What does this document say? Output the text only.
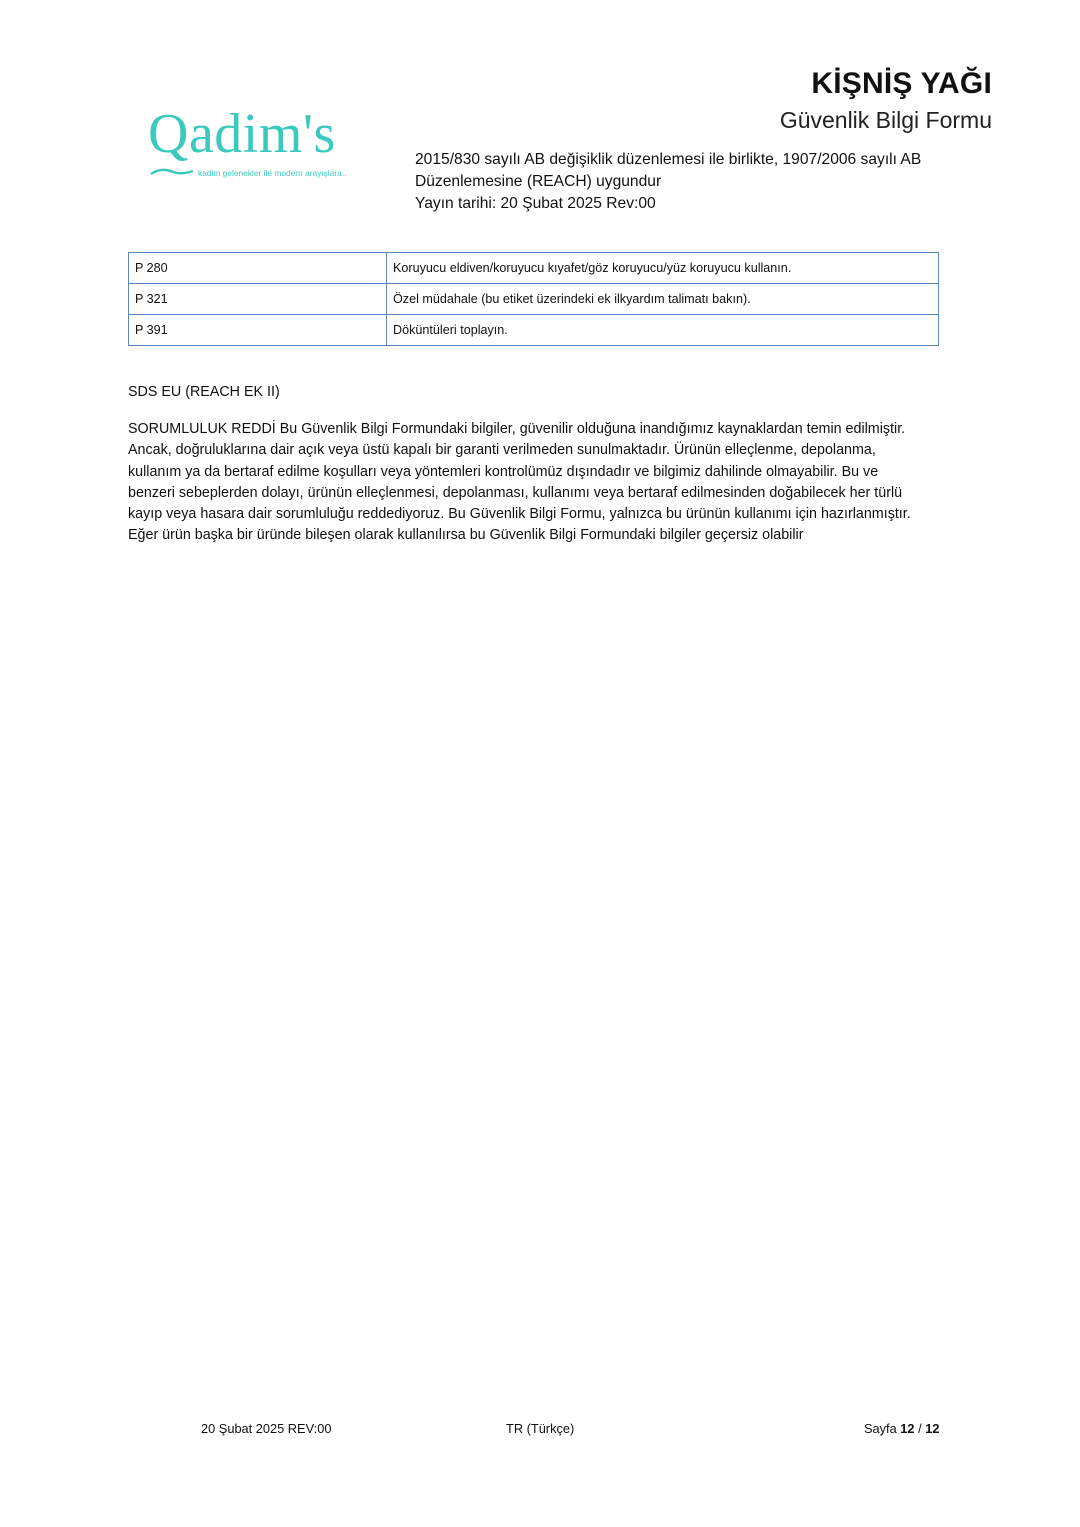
Qadim's
kadim gelenekler ile modern arayışlara..
KİŞNİŞ YAĞI
Güvenlik Bilgi Formu
2015/830 sayılı AB değişiklik düzenlemesi ile birlikte, 1907/2006 sayılı AB
Düzenlemesine (REACH) uygundur
Yayın tarihi: 20 Şubat 2025 Rev:00
P 280	Koruyucu eldiven/koruyucu kıyafet/göz koruyucu/yüz koruyucu kullanın.
P 321	Özel müdahale (bu etiket üzerindeki ek ilkyardım talimatı bakın).
P 391	Döküntüleri toplayın.
SDS EU (REACH EK II)
SORUMLULUK REDDİ Bu Güvenlik Bilgi Formundaki bilgiler, güvenilir olduğuna inandığımız kaynaklardan temin edilmiştir.
Ancak, doğruluklarına dair açık veya üstü kapalı bir garanti verilmeden sunulmaktadır. Ürünün elleçlenme, depolanma,
kullanım ya da bertaraf edilme koşulları veya yöntemleri kontrolümüz dışındadır ve bilgimiz dahilinde olmayabilir. Bu ve
benzeri sebeplerden dolayı, ürünün elleçlenmesi, depolanması, kullanımı veya bertaraf edilmesinden doğabilecek her türlü
kayıp veya hasara dair sorumluluğu reddediyoruz. Bu Güvenlik Bilgi Formu, yalnızca bu ürünün kullanımı için hazırlanmıştır.
Eğer ürün başka bir üründe bileşen olarak kullanılırsa bu Güvenlik Bilgi Formundaki bilgiler geçersiz olabilir
20 Şubat 2025 REV:00	TR (Türkçe)	Sayfa 12 / 12
